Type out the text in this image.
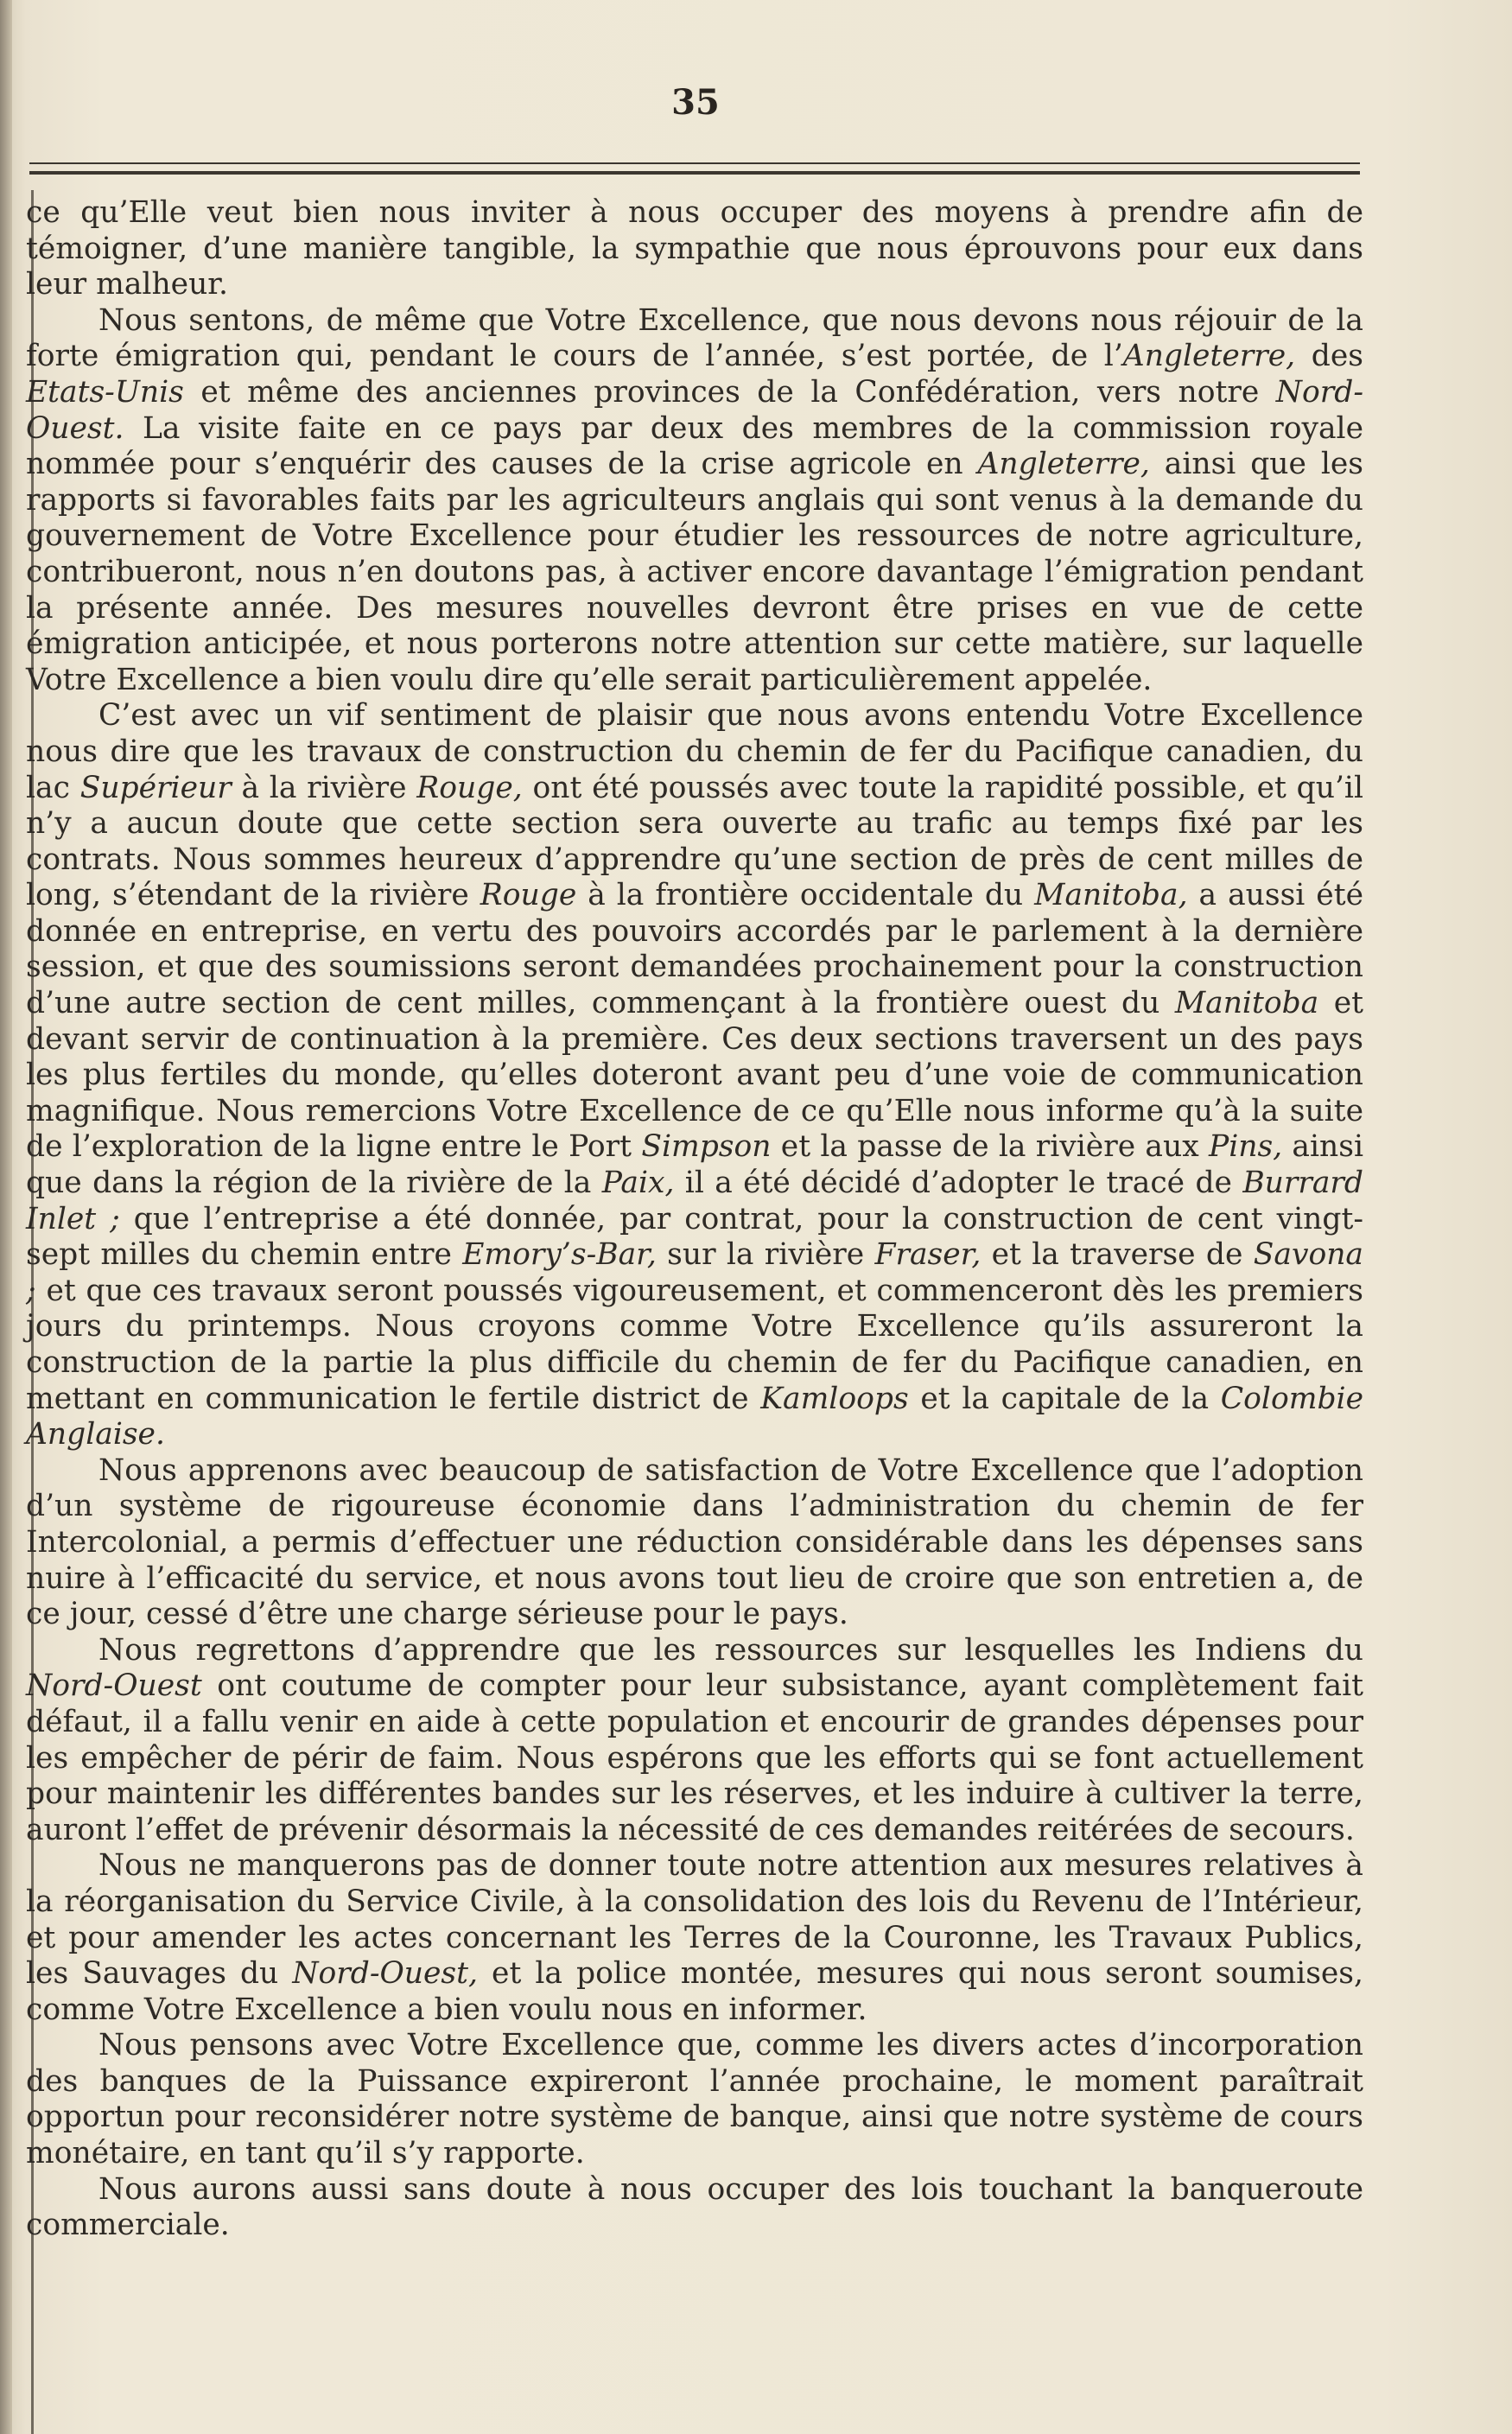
35

ce qu’Elle veut bien nous inviter à nous occuper des moyens à prendre afin de témoigner, d’une manière tangible, la sympathie que nous éprouvons pour eux dans leur malheur.

Nous sentons, de même que Votre Excellence, que nous devons nous réjouir de la forte émigration qui, pendant le cours de l’année, s’est portée, de l’Angleterre, des Etats-Unis et même des anciennes provinces de la Confédération, vers notre Nord-Ouest. La visite faite en ce pays par deux des membres de la commission royale nommée pour s’enquérir des causes de la crise agricole en Angleterre, ainsi que les rapports si favorables faits par les agriculteurs anglais qui sont venus à la demande du gouvernement de Votre Excellence pour étudier les ressources de notre agriculture, contribueront, nous n’en doutons pas, à activer encore davantage l’émigration pendant la présente année. Des mesures nouvelles devront être prises en vue de cette émigration anticipée, et nous porterons notre attention sur cette matière, sur laquelle Votre Excellence a bien voulu dire qu’elle serait particulièrement appelée.

C’est avec un vif sentiment de plaisir que nous avons entendu Votre Excellence nous dire que les travaux de construction du chemin de fer du Pacifique canadien, du lac Supérieur à la rivière Rouge, ont été poussés avec toute la rapidité possible, et qu’il n’y a aucun doute que cette section sera ouverte au trafic au temps fixé par les contrats. Nous sommes heureux d’apprendre qu’une section de près de cent milles de long, s’étendant de la rivière Rouge à la frontière occidentale du Manitoba, a aussi été donnée en entreprise, en vertu des pouvoirs accordés par le parlement à la dernière session, et que des soumissions seront demandées prochainement pour la construction d’une autre section de cent milles, commençant à la frontière ouest du Manitoba et devant servir de continuation à la première. Ces deux sections traversent un des pays les plus fertiles du monde, qu’elles doteront avant peu d’une voie de communication magnifique. Nous remercions Votre Excellence de ce qu’Elle nous informe qu’à la suite de l’exploration de la ligne entre le Port Simpson et la passe de la rivière aux Pins, ainsi que dans la région de la rivière de la Paix, il a été décidé d’adopter le tracé de Burrard Inlet ; que l’entreprise a été donnée, par contrat, pour la construction de cent vingt-sept milles du chemin entre Emory’s-Bar, sur la rivière Fraser, et la traverse de Savona ; et que ces travaux seront poussés vigoureusement, et commenceront dès les premiers jours du printemps. Nous croyons comme Votre Excellence qu’ils assureront la construction de la partie la plus difficile du chemin de fer du Pacifique canadien, en mettant en communication le fertile district de Kamloops et la capitale de la Colombie Anglaise.

Nous apprenons avec beaucoup de satisfaction de Votre Excellence que l’adoption d’un système de rigoureuse économie dans l’administration du chemin de fer Intercolonial, a permis d’effectuer une réduction considérable dans les dépenses sans nuire à l’efficacité du service, et nous avons tout lieu de croire que son entretien a, de ce jour, cessé d’être une charge sérieuse pour le pays.

Nous regrettons d’apprendre que les ressources sur lesquelles les Indiens du Nord-Ouest ont coutume de compter pour leur subsistance, ayant complètement fait défaut, il a fallu venir en aide à cette population et encourir de grandes dépenses pour les empêcher de périr de faim. Nous espérons que les efforts qui se font actuellement pour maintenir les différentes bandes sur les réserves, et les induire à cultiver la terre, auront l’effet de prévenir désormais la nécessité de ces demandes reitérées de secours.

Nous ne manquerons pas de donner toute notre attention aux mesures relatives à la réorganisation du Service Civile, à la consolidation des lois du Revenu de l’Intérieur, et pour amender les actes concernant les Terres de la Couronne, les Travaux Publics, les Sauvages du Nord-Ouest, et la police montée, mesures qui nous seront soumises, comme Votre Excellence a bien voulu nous en informer.

Nous pensons avec Votre Excellence que, comme les divers actes d’incorporation des banques de la Puissance expireront l’année prochaine, le moment paraîtrait opportun pour reconsidérer notre système de banque, ainsi que notre système de cours monétaire, en tant qu’il s’y rapporte.

Nous aurons aussi sans doute à nous occuper des lois touchant la banqueroute commerciale.
